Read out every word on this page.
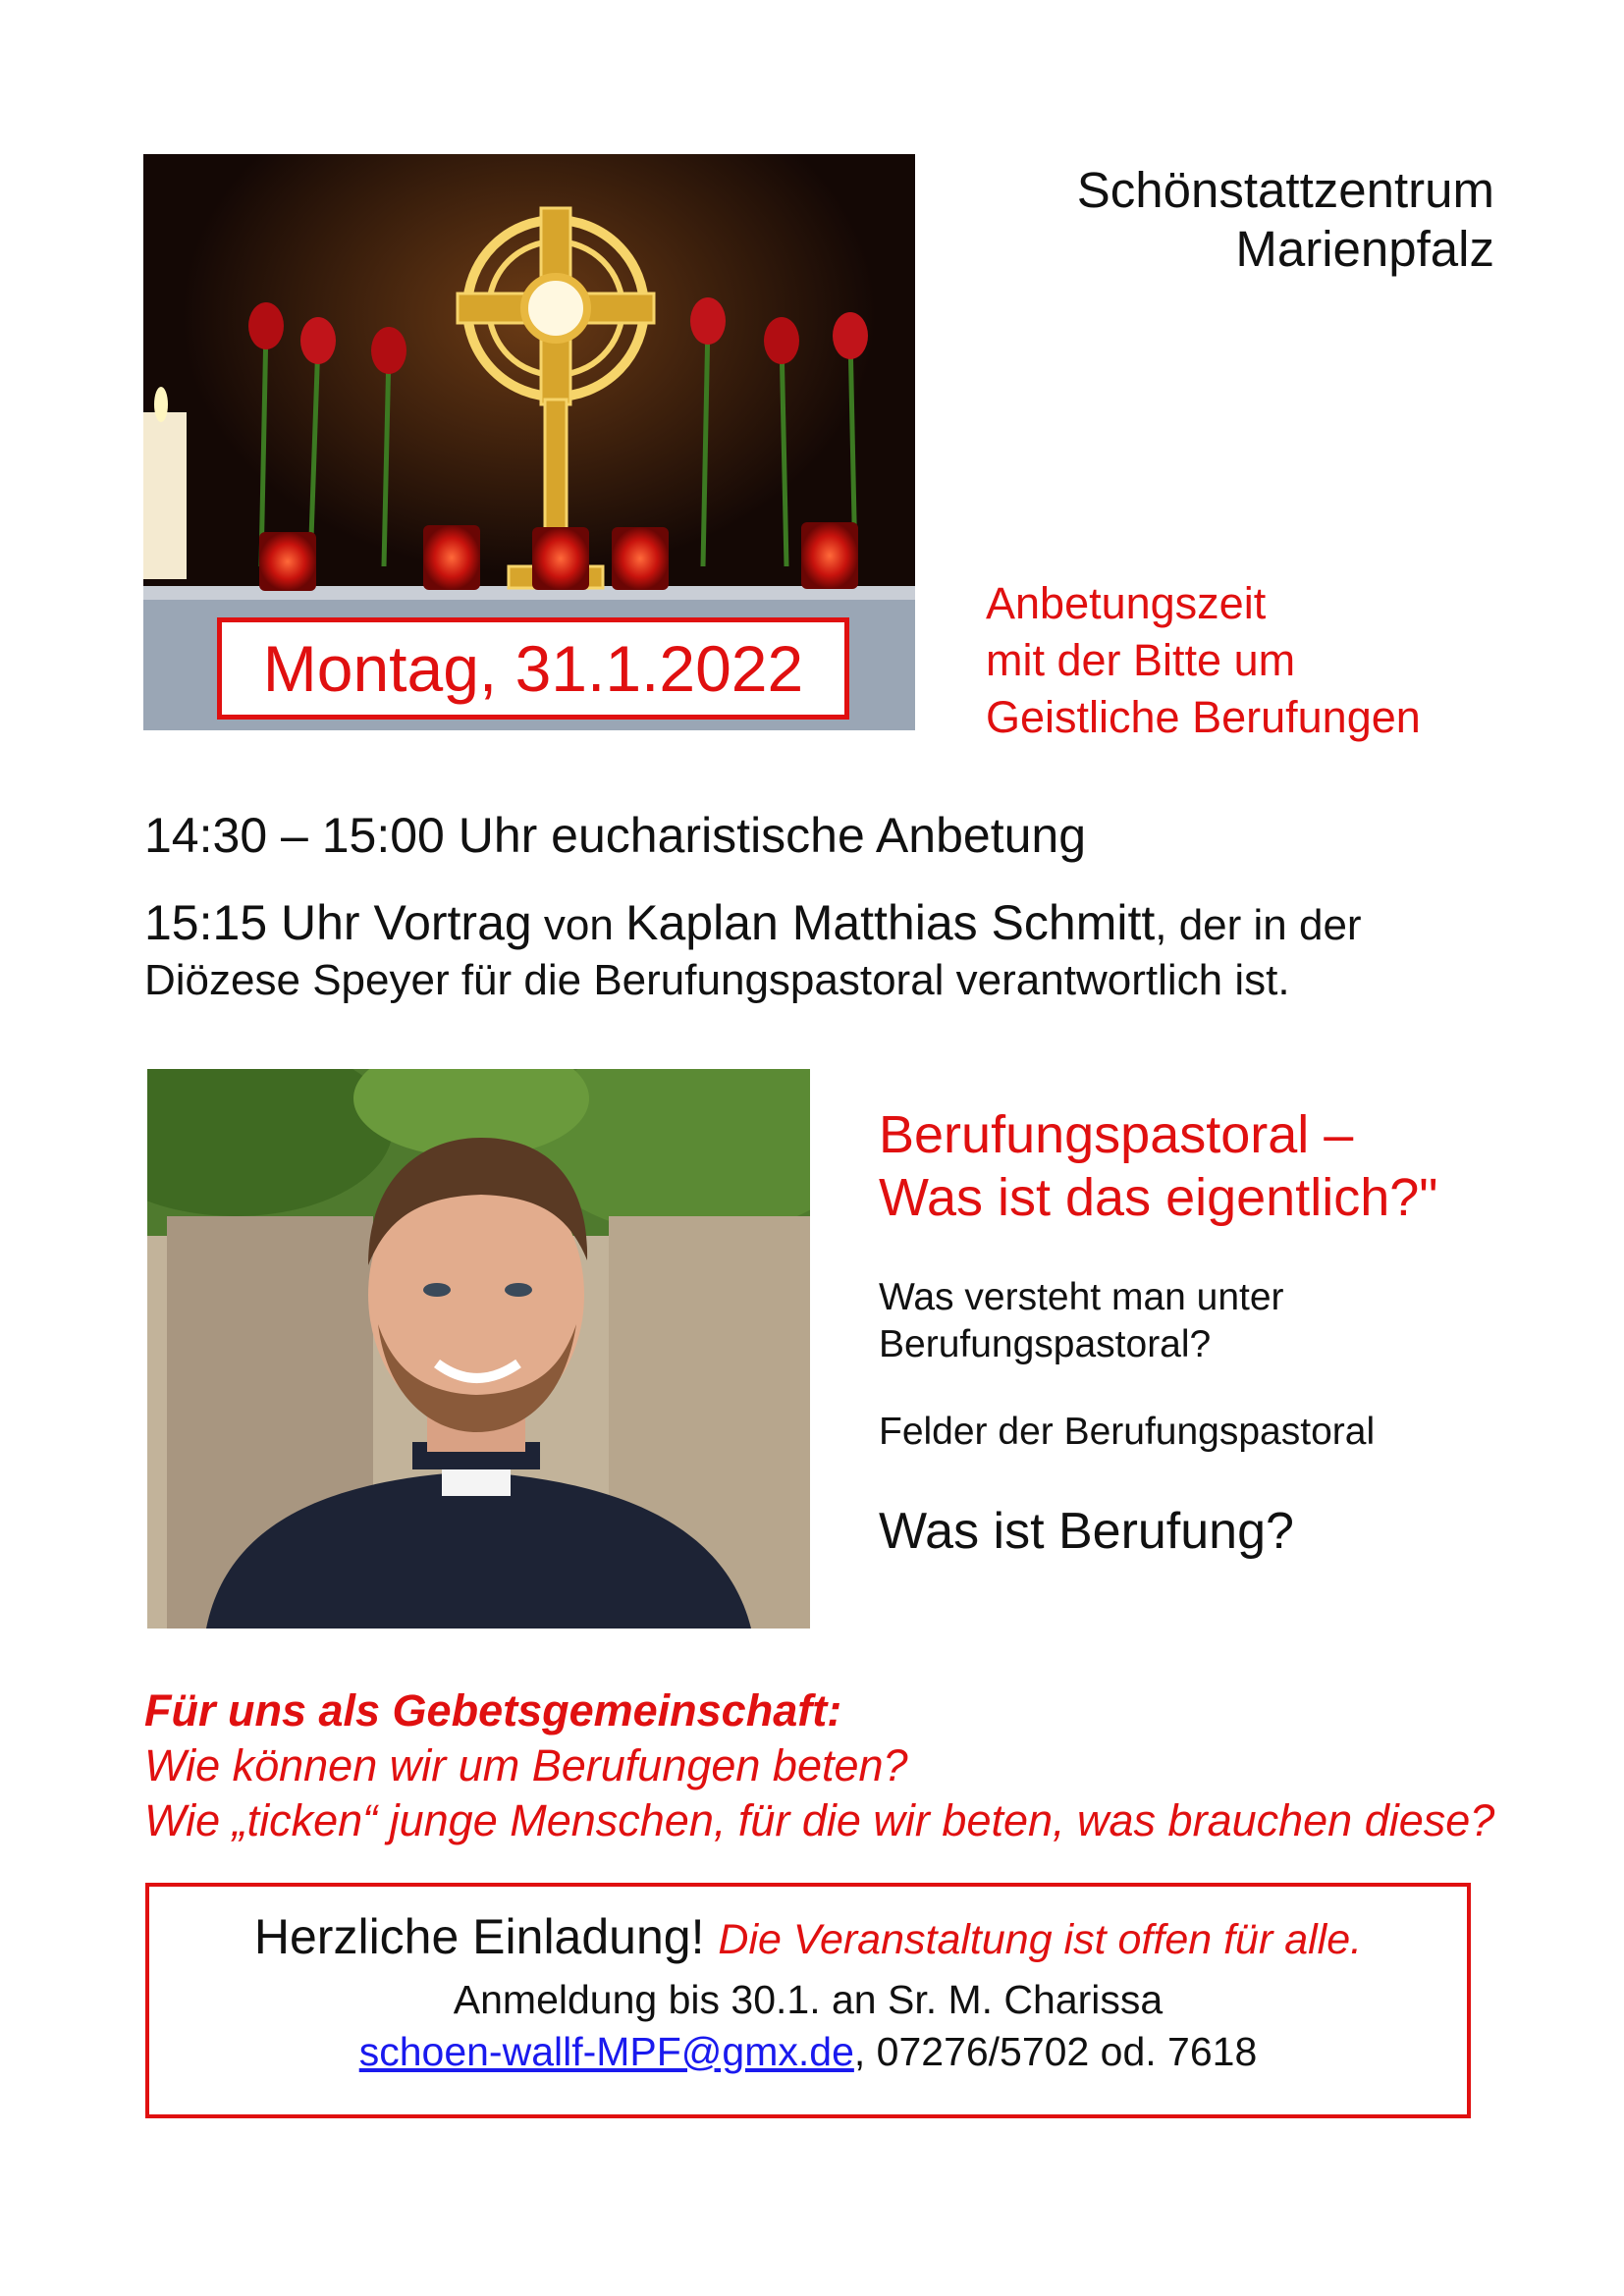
Montag, 31.1.2022
Schönstattzentrum
Marienpfalz
Anbetungszeit
mit der Bitte um
Geistliche Berufungen
14:30 – 15:00 Uhr eucharistische Anbetung
15:15 Uhr Vortrag von Kaplan Matthias Schmitt, der in der
Diözese Speyer für die Berufungspastoral verantwortlich ist.
Berufungspastoral –
Was ist das eigentlich?"
Was versteht man unter
Berufungspastoral?
Felder der Berufungspastoral
Was ist Berufung?
Für uns als Gebetsgemeinschaft:
Wie können wir um Berufungen beten?
Wie „ticken“ junge Menschen, für die wir beten, was brauchen diese?
Herzliche Einladung! Die Veranstaltung ist offen für alle.
Anmeldung bis 30.1. an Sr. M. Charissa
schoen-wallf-MPF@gmx.de, 07276/5702 od. 7618
